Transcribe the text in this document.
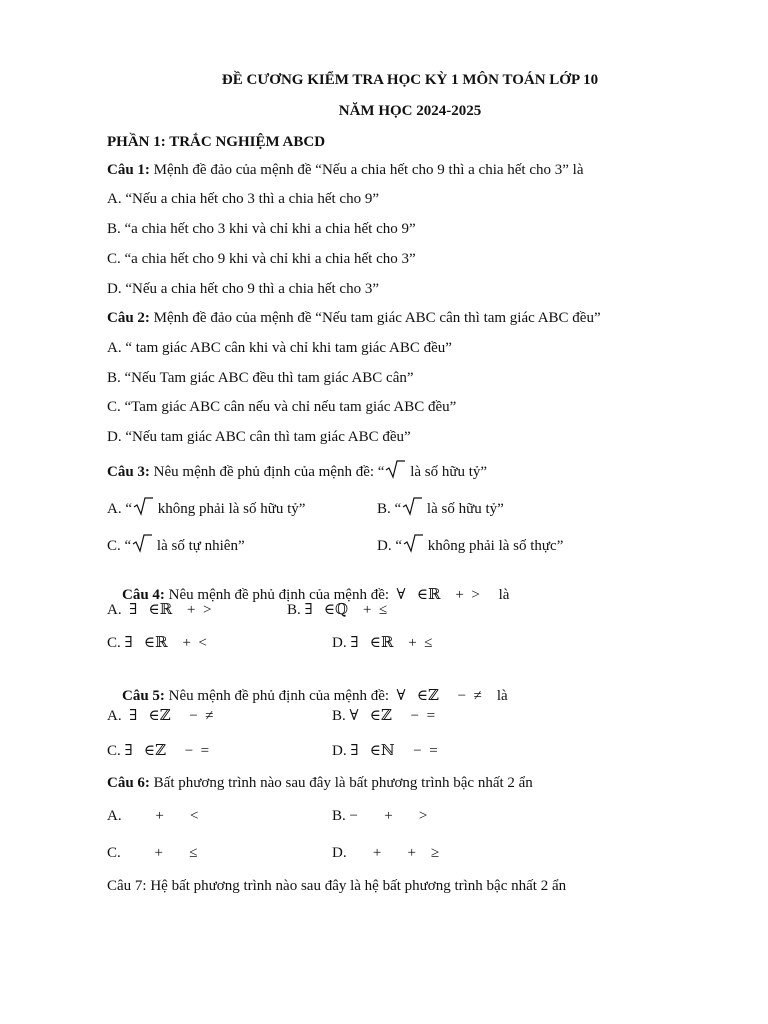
ĐỀ CƯƠNG KIỂM TRA HỌC KỲ 1 MÔN TOÁN LỚP 10
NĂM HỌC 2024-2025
PHẦN 1: TRẮC NGHIỆM ABCD
Câu 1: Mệnh đề đảo của mệnh đề “Nếu a chia hết cho 9 thì a chia hết cho 3” là
A. “Nếu a chia hết cho 3 thì a chia hết cho 9”
B. “a chia hết cho 3 khi và chỉ khi a chia hết cho 9”
C. “a chia hết cho 9 khi và chỉ khi a chia hết cho 3”
D. “Nếu a chia hết cho 9 thì a chia hết cho 3”
Câu 2: Mệnh đề đảo của mệnh đề “Nếu tam giác ABC cân thì tam giác ABC đều”
A. “ tam giác ABC cân khi và chỉ khi tam giác ABC đều”
B. “Nếu Tam giác ABC đều thì tam giác ABC cân”
C. “Tam giác ABC cân nếu và chỉ nếu tam giác ABC đều”
D. “Nếu tam giác ABC cân thì tam giác ABC đều”
Câu 3: Nêu mệnh đề phủ định của mệnh đề: “
là số hữu tỷ”
A. “
không phải là số hữu tỷ”	B. “
là số hữu tỷ”
C. “
là số tự nhiên”	D. “
không phải là số thực”

Câu 4: Nêu mệnh đề phủ định của mệnh đề:  ∀   ∈ℝ    +  >     là

A.  ∃   ∈ℝ    +  >	B. ∃   ∈ℚ    +  ≤
C. ∃   ∈ℝ    +  <	D. ∃   ∈ℝ    +  ≤

Câu 5: Nêu mệnh đề phủ định của mệnh đề:  ∀   ∈ℤ     −  ≠    là

A.  ∃   ∈ℤ     −  ≠	B. ∀   ∈ℤ     −  =
C. ∃   ∈ℤ     −  =	D. ∃   ∈ℕ     −  =
Câu 6: Bất phương trình nào sau đây là bất phương trình bậc nhất 2 ẩn
A.         +       <	B. −       +       >
C.         +       ≤	D.       +       +    ≥
Câu 7: Hệ bất phương trình nào sau đây là hệ bất phương trình bậc nhất 2 ẩn
